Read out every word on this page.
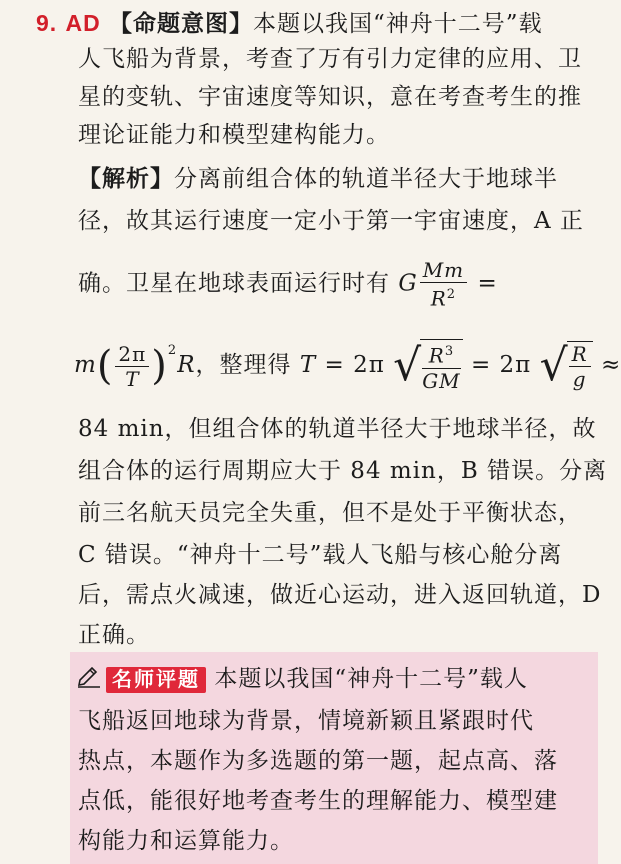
9. AD 【命题意图】本题以我国“神舟十二号”载
人飞船为背景，考查了万有引力定律的应用、卫
星的变轨、宇宙速度等知识，意在考查考生的推
理论证能力和模型建构能力。
【解析】分离前组合体的轨道半径大于地球半
径，故其运行速度一定小于第一宇宙速度，A 正
确。卫星在地球表面运行时有 G $\frac{Mm}{R^2}$ =
$m( \frac{2\pi}{T} )^2R$，整理得 T = 2π √ $\frac{R^3}{GM} = 2\pi$ √ $\frac{R}{g}$ ≈
84 min，但组合体的轨道半径大于地球半径，故
组合体的运行周期应大于 84 min，B 错误。分离
前三名航天员完全失重，但不是处于平衡状态，
C 错误。“神舟十二号”载人飞船与核心舱分离
后，需点火减速，做近心运动，进入返回轨道，D
正确。
名师评题 本题以我国“神舟十二号”载人
飞船返回地球为背景，情境新颖且紧跟时代
热点，本题作为多选题的第一题，起点高、落
点低，能很好地考查考生的理解能力、模型建
构能力和运算能力。
